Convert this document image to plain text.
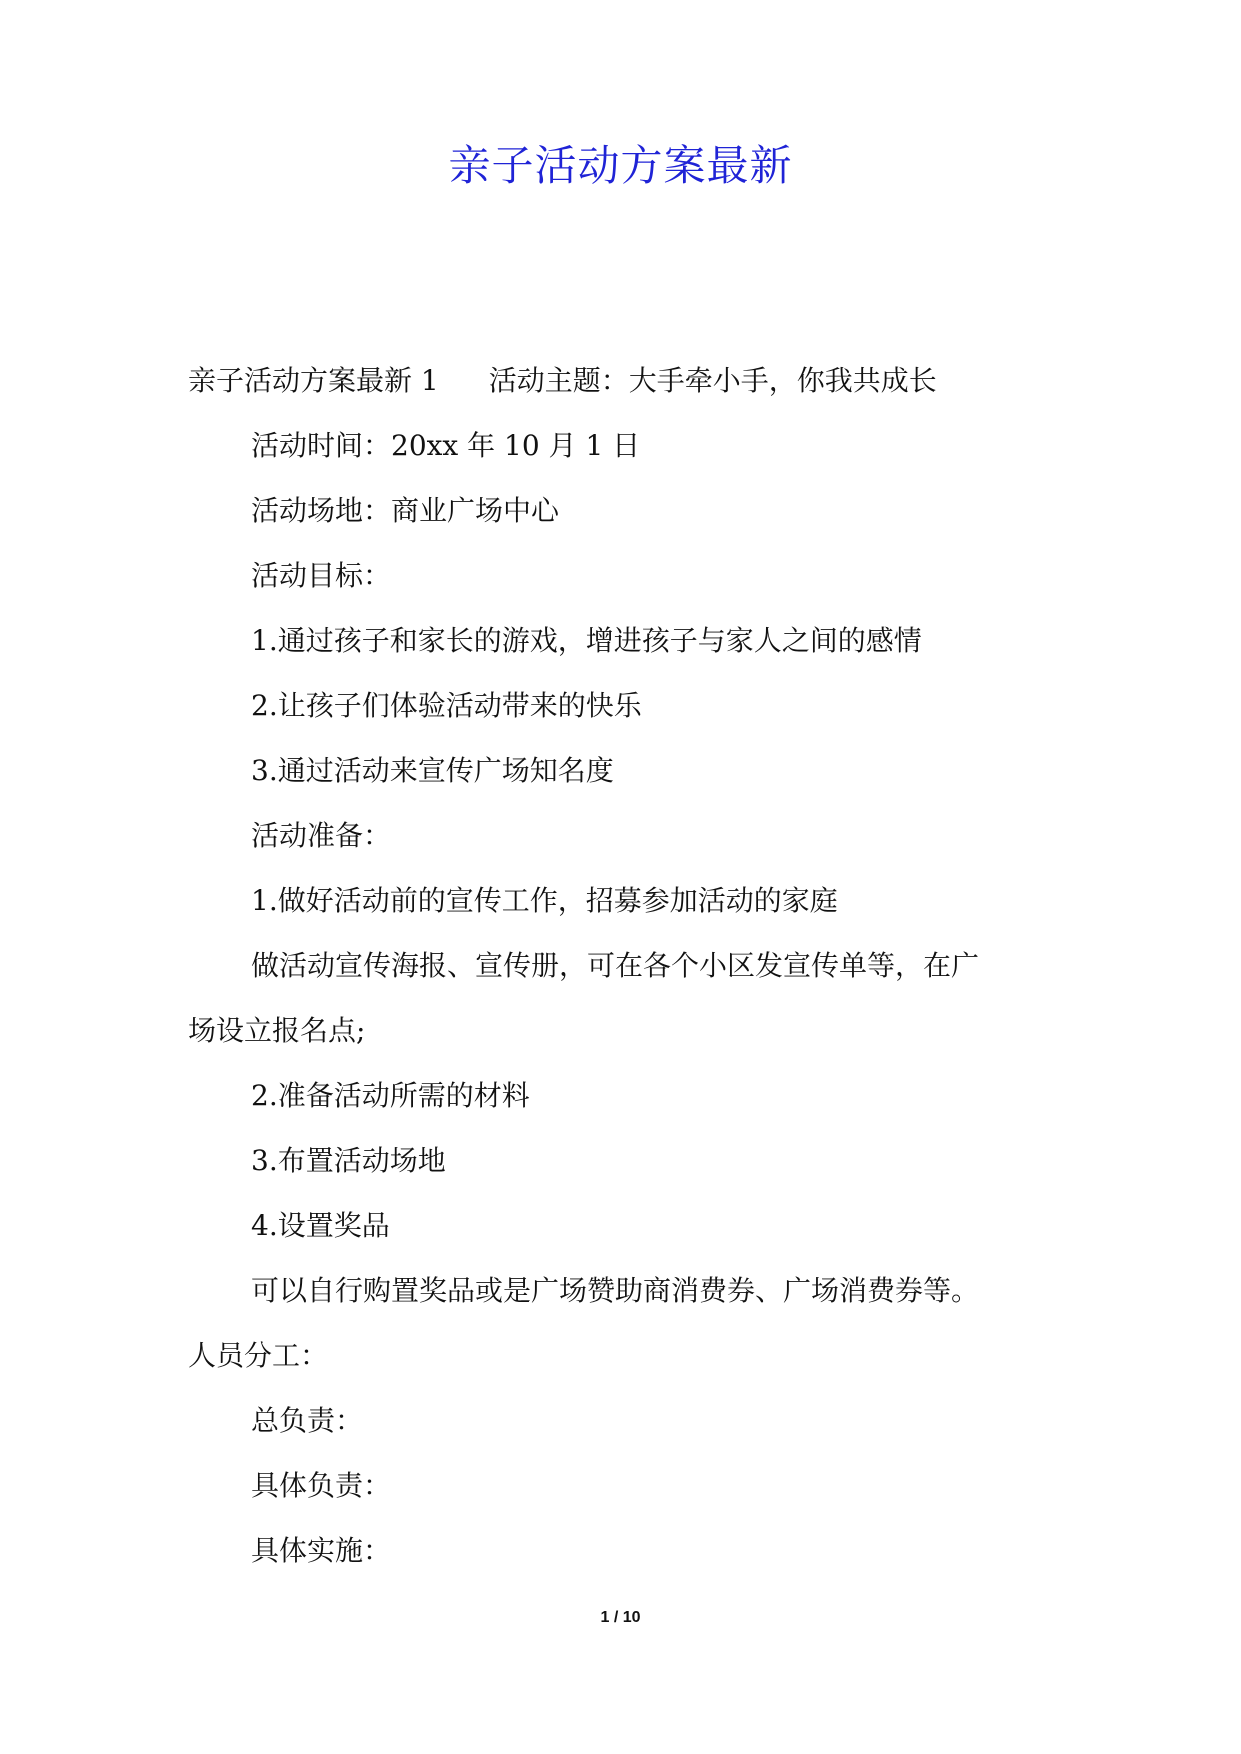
亲子活动方案最新
亲子活动方案最新 1 活动主题：大手牵小手，你我共成长
活动时间：20xx 年 10 月 1 日
活动场地：商业广场中心
活动目标：
1.通过孩子和家长的游戏，增进孩子与家人之间的感情
2.让孩子们体验活动带来的快乐
3.通过活动来宣传广场知名度
活动准备：
1.做好活动前的宣传工作，招募参加活动的家庭
做活动宣传海报、宣传册，可在各个小区发宣传单等，在广
场设立报名点;
2.准备活动所需的材料
3.布置活动场地
4.设置奖品
可以自行购置奖品或是广场赞助商消费券、广场消费券等。
人员分工：
总负责：
具体负责：
具体实施：
1 / 10
